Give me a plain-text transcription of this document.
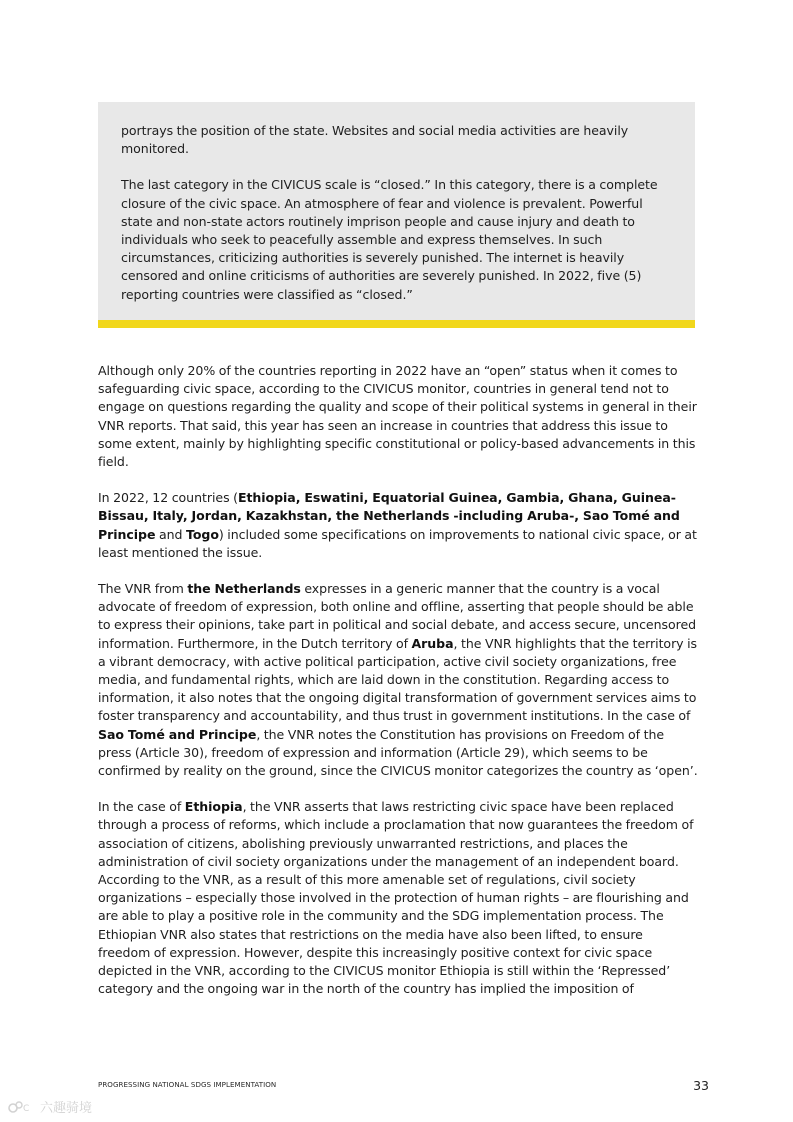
portrays the position of the state. Websites and social media activities are heavily monitored.

The last category in the CIVICUS scale is “closed.” In this category, there is a complete closure of the civic space. An atmosphere of fear and violence is prevalent. Powerful state and non-state actors routinely imprison people and cause injury and death to individuals who seek to peacefully assemble and express themselves. In such circumstances, criticizing authorities is severely punished. The internet is heavily censored and online criticisms of authorities are severely punished. In 2022, five (5) reporting countries were classified as “closed.”

Although only 20% of the countries reporting in 2022 have an “open” status when it comes to safeguarding civic space, according to the CIVICUS monitor, countries in general tend not to engage on questions regarding the quality and scope of their political systems in general in their VNR reports. That said, this year has seen an increase in countries that address this issue to some extent, mainly by highlighting specific constitutional or policy-based advancements in this field.

In 2022, 12 countries (Ethiopia, Eswatini, Equatorial Guinea, Gambia, Ghana, Guinea-Bissau, Italy, Jordan, Kazakhstan, the Netherlands -including Aruba-, Sao Tomé and Principe and Togo) included some specifications on improvements to national civic space, or at least mentioned the issue.

The VNR from the Netherlands expresses in a generic manner that the country is a vocal advocate of freedom of expression, both online and offline, asserting that people should be able to express their opinions, take part in political and social debate, and access secure, uncensored information. Furthermore, in the Dutch territory of Aruba, the VNR highlights that the territory is a vibrant democracy, with active political participation, active civil society organizations, free media, and fundamental rights, which are laid down in the constitution. Regarding access to information, it also notes that the ongoing digital transformation of government services aims to foster transparency and accountability, and thus trust in government institutions. In the case of Sao Tomé and Principe, the VNR notes the Constitution has provisions on Freedom of the press (Article 30), freedom of expression and information (Article 29), which seems to be confirmed by reality on the ground, since the CIVICUS monitor categorizes the country as ‘open’.

In the case of Ethiopia, the VNR asserts that laws restricting civic space have been replaced through a process of reforms, which include a proclamation that now guarantees the freedom of association of citizens, abolishing previously unwarranted restrictions, and places the administration of civil society organizations under the management of an independent board. According to the VNR, as a result of this more amenable set of regulations, civil society organizations – especially those involved in the protection of human rights – are flourishing and are able to play a positive role in the community and the SDG implementation process. The Ethiopian VNR also states that restrictions on the media have also been lifted, to ensure freedom of expression. However, despite this increasingly positive context for civic space depicted in the VNR, according to the CIVICUS monitor Ethiopia is still within the ‘Repressed’ category and the ongoing war in the north of the country has implied the imposition of

PROGRESSING NATIONAL SDGS IMPLEMENTATION	33
C 六趣骑境
